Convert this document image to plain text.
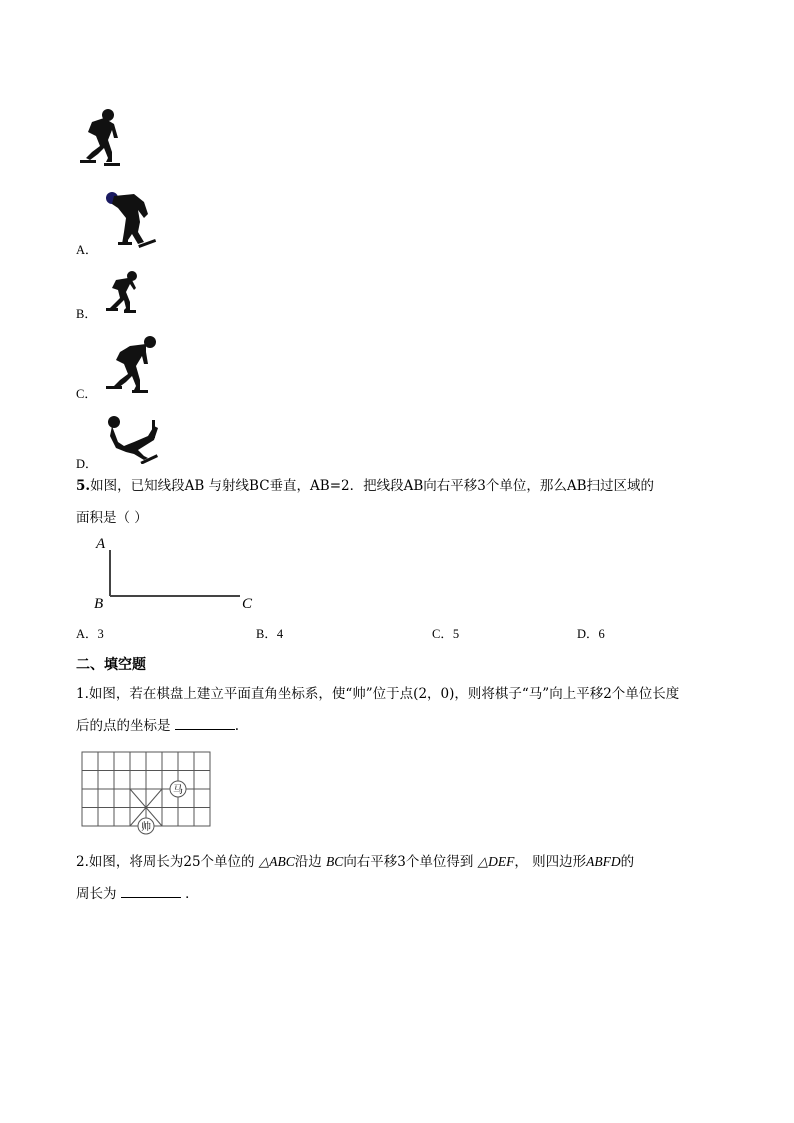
A．
B．
C．
D．
5.如图，已知线段AB 与射线BC垂直，AB=2．把线段AB向右平移3个单位，那么AB扫过区域的
面积是（ ）
A
B	C
A．3	B．4	C．5	D．6
二、填空题
1.如图，若在棋盘上建立平面直角坐标系，使“帅”位于点(2，0)，则将棋子“马”向上平移2个单位长度
后的点的坐标是	.
马
帅
2.如图，将周长为25个单位的 △ABC沿边 BC向右平移3个单位得到 △DEF， 则四边形ABFD的
周长为	．
